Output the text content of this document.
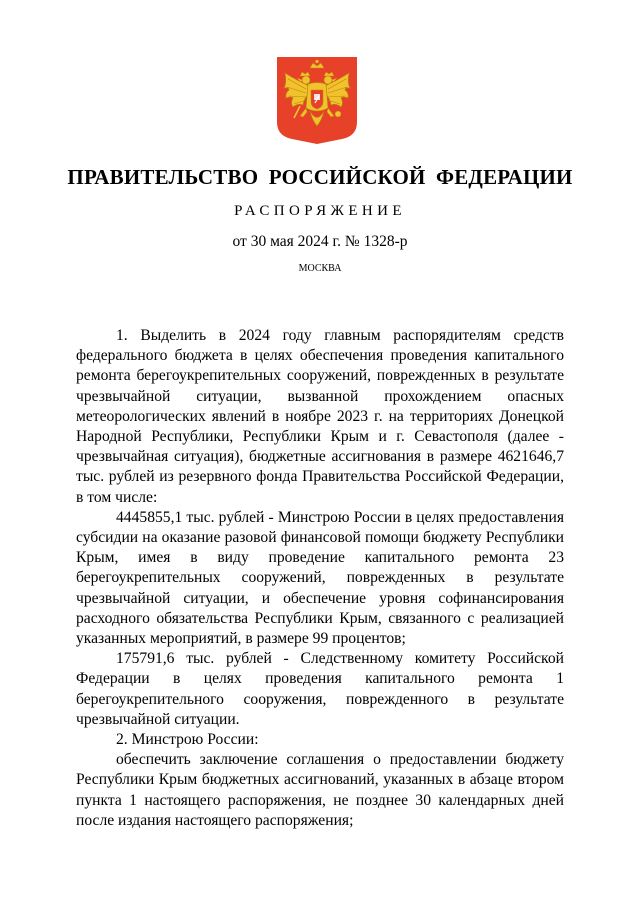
ПРАВИТЕЛЬСТВО РОССИЙСКОЙ ФЕДЕРАЦИИ
РАСПОРЯЖЕНИЕ
от 30 мая 2024 г. № 1328-р
МОСКВА

1. Выделить в 2024 году главным распорядителям средств федерального бюджета в целях обеспечения проведения капитального ремонта берегоукрепительных сооружений, поврежденных в результате чрезвычайной ситуации, вызванной прохождением опасных метеорологических явлений в ноябре 2023 г. на территориях Донецкой Народной Республики, Республики Крым и г. Севастополя (далее - чрезвычайная ситуация), бюджетные ассигнования в размере 4621646,7 тыс. рублей из резервного фонда Правительства Российской Федерации, в том числе:

4445855,1 тыс. рублей - Минстрою России в целях предоставления субсидии на оказание разовой финансовой помощи бюджету Республики Крым, имея в виду проведение капитального ремонта 23 берегоукрепительных сооружений, поврежденных в результате чрезвычайной ситуации, и обеспечение уровня софинансирования расходного обязательства Республики Крым, связанного с реализацией указанных мероприятий, в размере 99 процентов;

175791,6 тыс. рублей - Следственному комитету Российской Федерации в целях проведения капитального ремонта 1 берегоукрепительного сооружения, поврежденного в результате чрезвычайной ситуации.

2. Минстрою России:

обеспечить заключение соглашения о предоставлении бюджету Республики Крым бюджетных ассигнований, указанных в абзаце втором пункта 1 настоящего распоряжения, не позднее 30 календарных дней после издания настоящего распоряжения;
